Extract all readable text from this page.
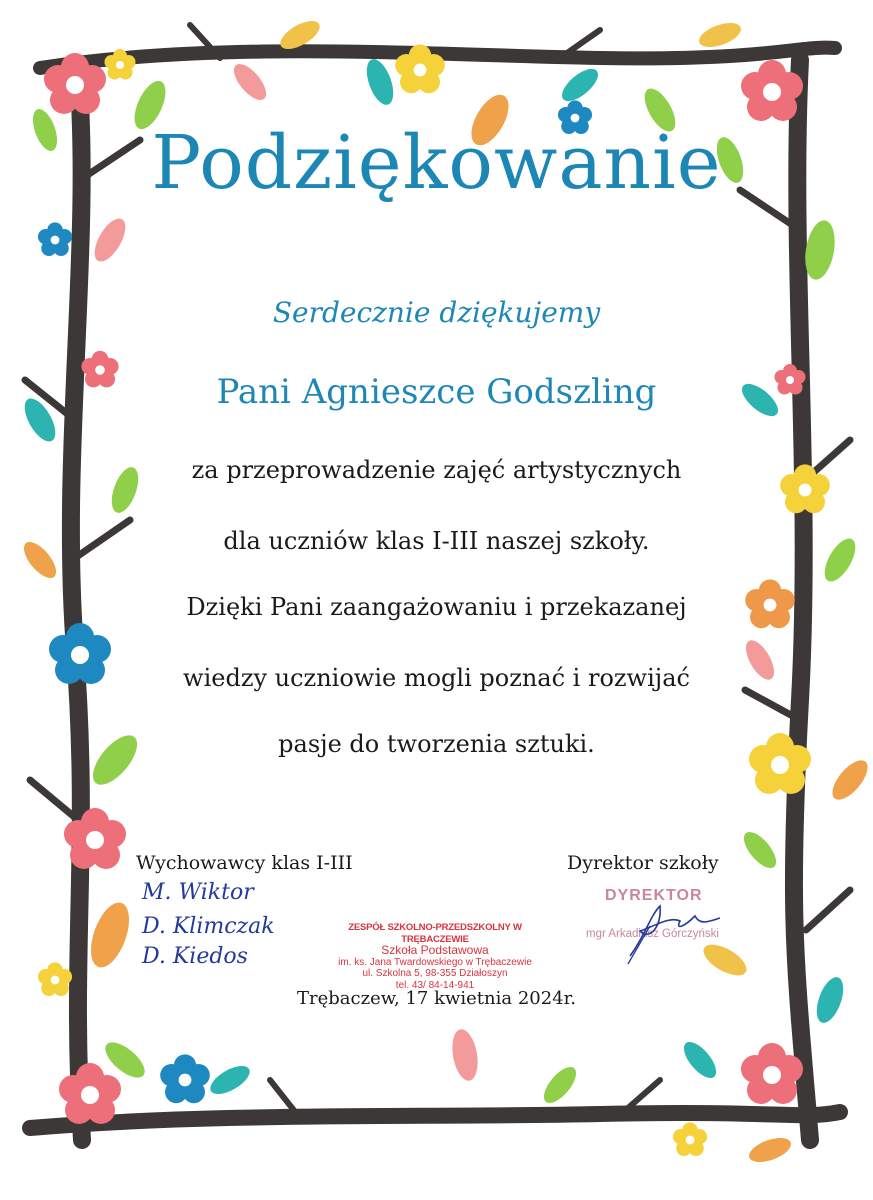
Podziękowanie
Serdecznie dziękujemy
Pani Agnieszce Godszling
za przeprowadzenie zajęć artystycznych
dla uczniów klas I-III naszej szkoły.
Dzięki Pani zaangażowaniu i przekazanej
wiedzy uczniowie mogli poznać i rozwijać
pasje do tworzenia sztuki.
Wychowawcy klas I-III
M. Wiktor
D. Klimczak
D. Kiedos
ZESPÓŁ SZKOLNO-PRZEDSZKOLNY W TRĘBACZEWIE
Szkoła Podstawowa
im. ks. Jana Twardowskiego w Trębaczewie
ul. Szkolna 5, 98-355 Działoszyn
tel. 43/ 84-14-941
Trębaczew, 17 kwietnia 2024r.
Dyrektor szkoły
DYREKTOR
mgr Arkadiusz Górczyński
